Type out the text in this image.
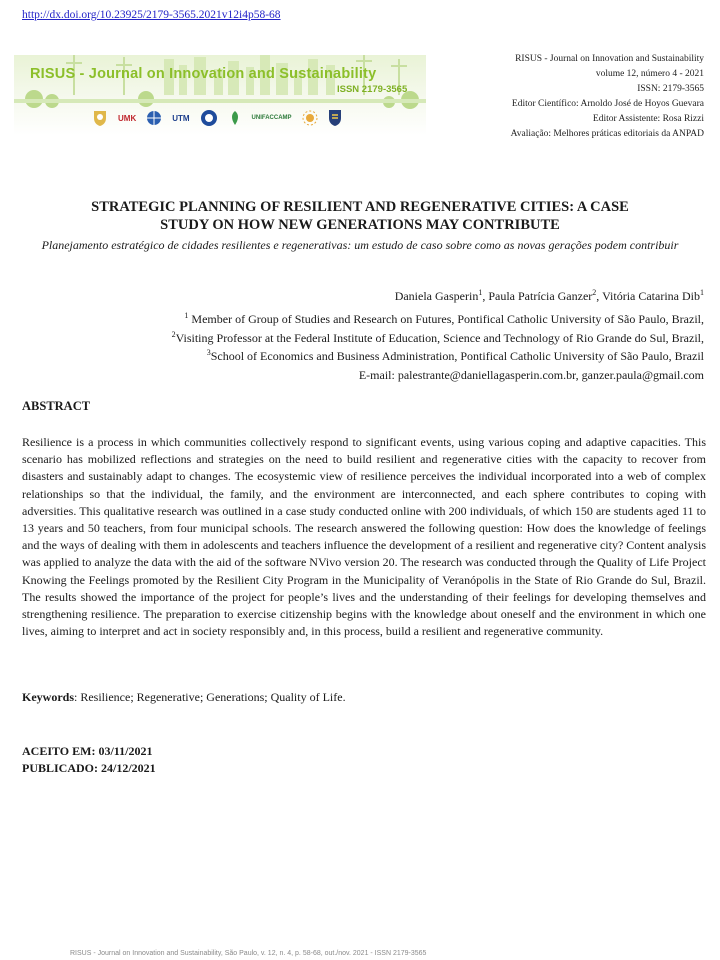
http://dx.doi.org/10.23925/2179-3565.2021v12i4p58-68
RISUS - Journal on Innovation and Sustainability
ISSN 2179-3565
UMK	UTM	UNIFACCAMP
RISUS - Journal on Innovation and Sustainability
volume 12, número 4 - 2021
ISSN: 2179-3565
Editor Científico: Arnoldo José de Hoyos Guevara
Editor Assistente: Rosa Rizzi
Avaliação: Melhores práticas editoriais da ANPAD
STRATEGIC PLANNING OF RESILIENT AND REGENERATIVE CITIES: A CASE
STUDY ON HOW NEW GENERATIONS MAY CONTRIBUTE
Planejamento estratégico de cidades resilientes e regenerativas: um estudo de caso sobre como as novas gerações podem contribuir
Daniela Gasperin$^1$, Paula Patrícia Ganzer$^2$, Vitória Catarina Dib$^1$
$^1$ Member of Group of Studies and Research on Futures, Pontifical Catholic University of São Paulo, Brazil,
$^2$Visiting Professor at the Federal Institute of Education, Science and Technology of Rio Grande do Sul, Brazil,
$^3$School of Economics and Business Administration, Pontifical Catholic University of São Paulo, Brazil
E-mail: palestrante@daniellagasperin.com.br, ganzer.paula@gmail.com
ABSTRACT

Resilience is a process in which communities collectively respond to significant events, using various coping and adaptive capacities. This scenario has mobilized reflections and strategies on the need to build resilient and regenerative cities with the capacity to recover from disasters and sustainably adapt to changes. The ecosystemic view of resilience perceives the individual incorporated into a web of complex relationships so that the individual, the family, and the environment are interconnected, and each sphere contributes to coping with adversities. This qualitative research was outlined in a case study conducted online with 200 individuals, of which 150 are students aged 11 to 13 years and 50 teachers, from four municipal schools. The research answered the following question: How does the knowledge of feelings and the ways of dealing with them in adolescents and teachers influence the development of a resilient and regenerative city? Content analysis was applied to analyze the data with the aid of the software NVivo version 20. The research was conducted through the Quality of Life Project Knowing the Feelings promoted by the Resilient City Program in the Municipality of Veranópolis in the State of Rio Grande do Sul, Brazil. The results showed the importance of the project for people’s lives and the understanding of their feelings for developing themselves and strengthening resilience. The preparation to exercise citizenship begins with the knowledge about oneself and the environment in which one lives, aiming to interpret and act in society responsibly and, in this process, build a resilient and regenerative community.

Keywords: Resilience; Regenerative; Generations; Quality of Life.
ACEITO EM: 03/11/2021
PUBLICADO: 24/12/2021
RISUS - Journal on Innovation and Sustainability, São Paulo, v. 12, n. 4, p. 58-68, out./nov. 2021 - ISSN 2179-3565
